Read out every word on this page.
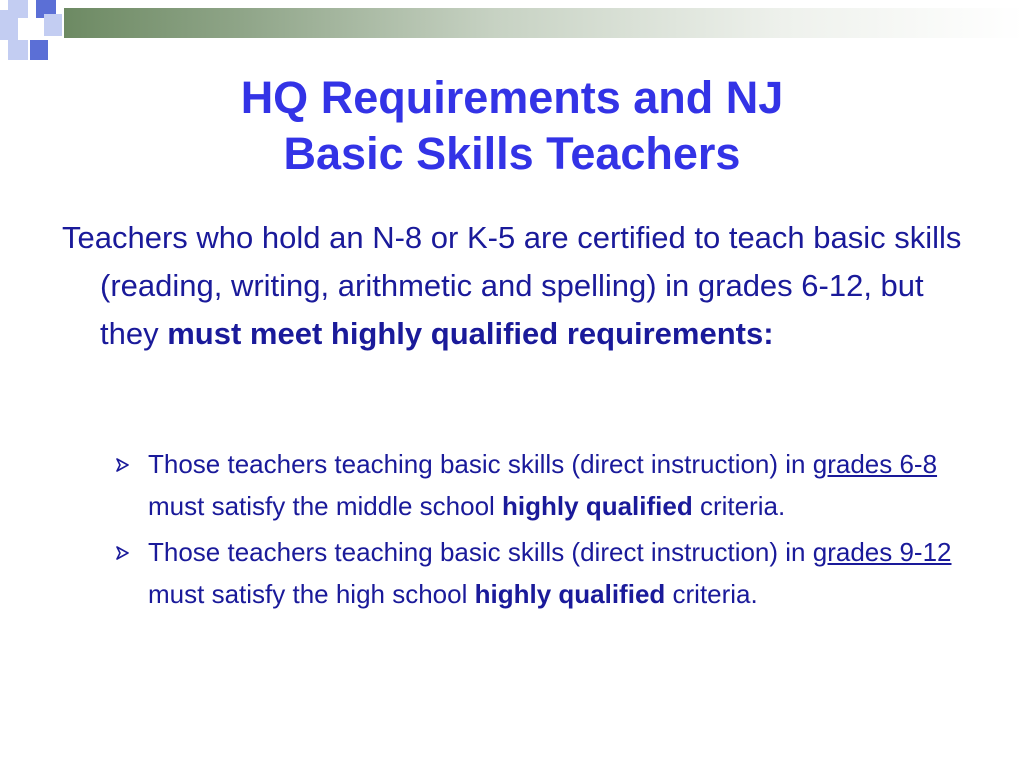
HQ Requirements and NJ
Basic Skills Teachers

Teachers who hold an N-8 or K-5 are certified to teach basic skills (reading, writing, arithmetic and spelling) in grades 6-12, but they must meet highly qualified requirements:

Those teachers teaching basic skills (direct instruction) in grades 6-8 must satisfy the middle school highly qualified criteria.
Those teachers teaching basic skills (direct instruction) in grades 9-12 must satisfy the high school highly qualified criteria.
